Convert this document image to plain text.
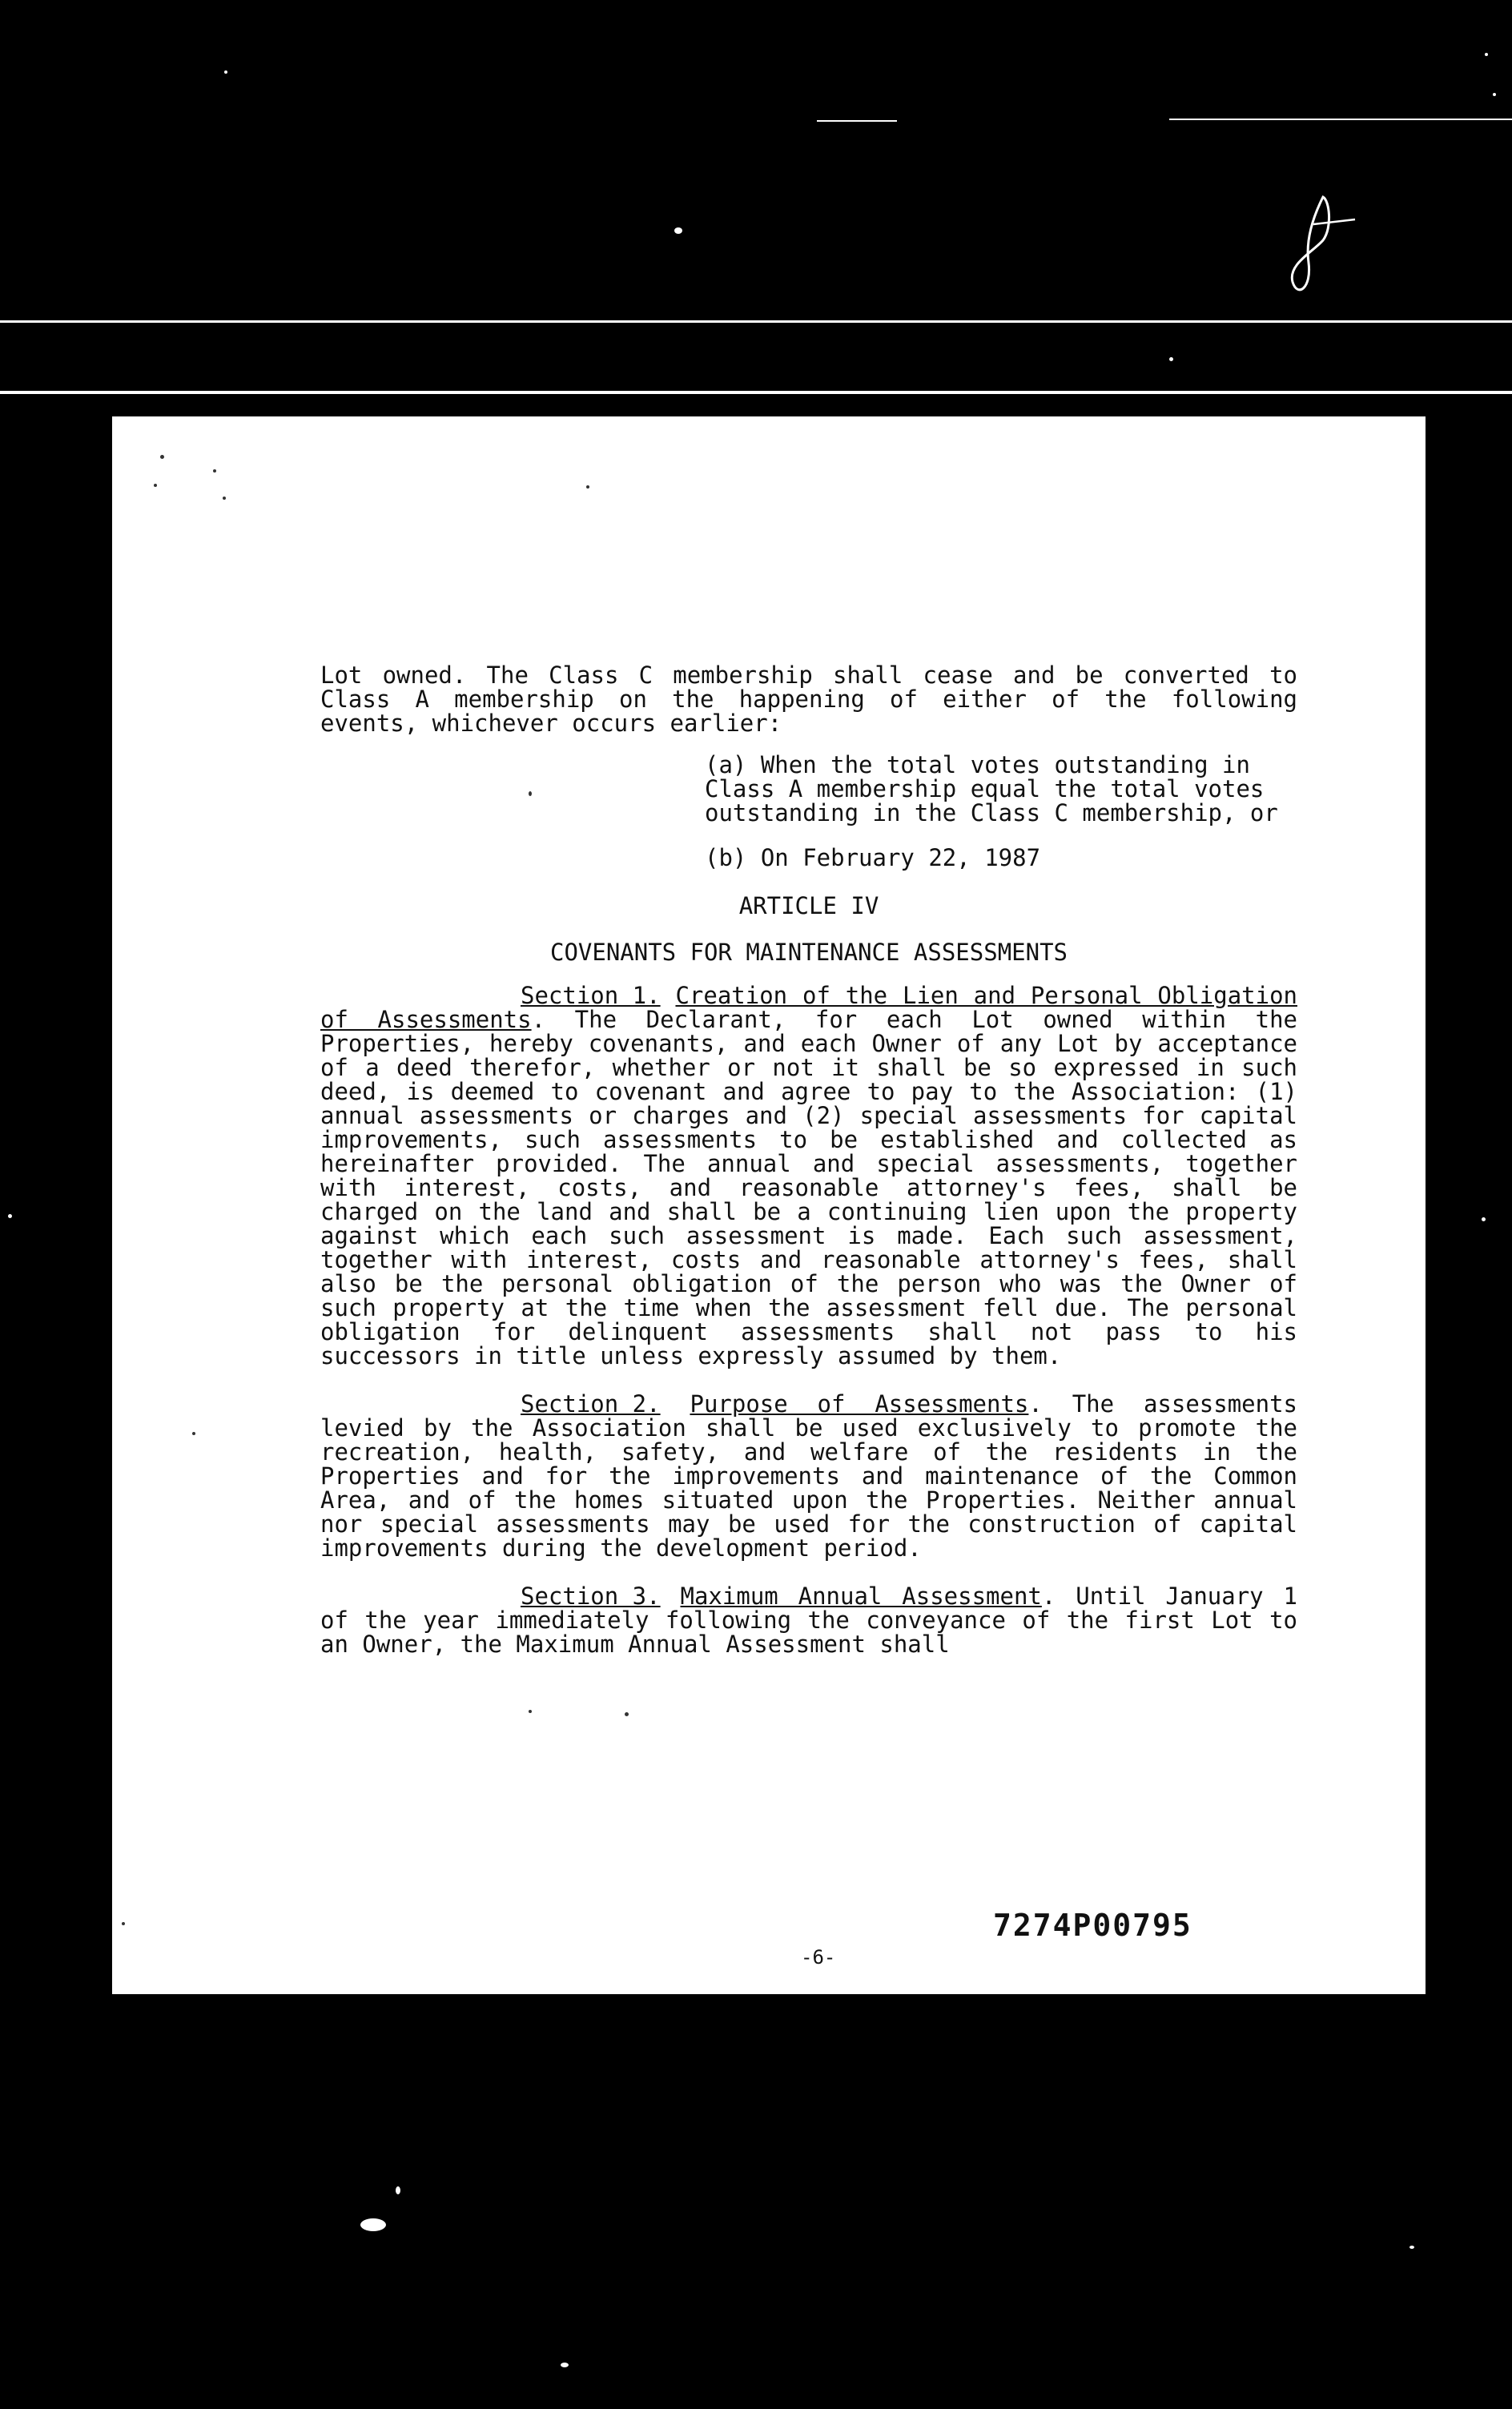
Lot owned. The Class C membership shall cease and be converted to Class A membership on the happening of either of the following events, whichever occurs earlier:

(a) When the total votes outstanding in Class A membership equal the total votes outstanding in the Class C membership, or

(b) On February 22, 1987

ARTICLE IV

COVENANTS FOR MAINTENANCE ASSESSMENTS

Section 1. Creation of the Lien and Personal Obligation of Assessments. The Declarant, for each Lot owned within the Properties, hereby covenants, and each Owner of any Lot by acceptance of a deed therefor, whether or not it shall be so expressed in such deed, is deemed to covenant and agree to pay to the Association: (1) annual assessments or charges and (2) special assessments for capital improvements, such assessments to be established and collected as hereinafter provided. The annual and special assessments, together with interest, costs, and reasonable attorney's fees, shall be charged on the land and shall be a continuing lien upon the property against which each such assessment is made. Each such assessment, together with interest, costs and reasonable attorney's fees, shall also be the personal obligation of the person who was the Owner of such property at the time when the assessment fell due. The personal obligation for delinquent assessments shall not pass to his successors in title unless expressly assumed by them.

Section 2. Purpose of Assessments. The assessments levied by the Association shall be used exclusively to promote the recreation, health, safety, and welfare of the residents in the Properties and for the improvements and maintenance of the Common Area, and of the homes situated upon the Properties. Neither annual nor special assessments may be used for the construction of capital improvements during the development period.

Section 3. Maximum Annual Assessment. Until January 1 of the year immediately following the conveyance of the first Lot to an Owner, the Maximum Annual Assessment shall

7274P00795
-6-
